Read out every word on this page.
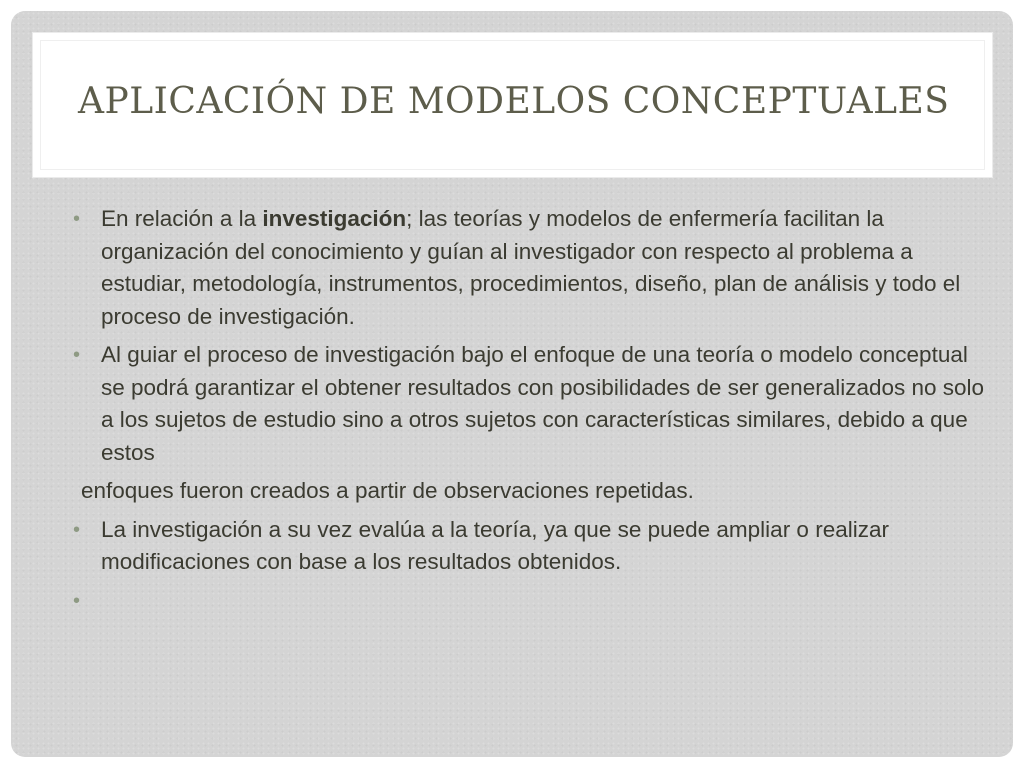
APLICACIÓN DE MODELOS CONCEPTUALES
•
En relación a la investigación; las teorías y modelos de enfermería facilitan la organización del conocimiento y guían al investigador con respecto al problema a estudiar, metodología, instrumentos, procedimientos, diseño, plan de análisis y todo el proceso de investigación.
•
Al guiar el proceso de investigación bajo el enfoque de una teoría o modelo conceptual se podrá garantizar el obtener resultados con posibilidades de ser generalizados no solo a los sujetos de estudio sino a otros sujetos con características similares, debido a que estos
enfoques fueron creados a partir de observaciones repetidas.
•
La investigación a su vez evalúa a la teoría, ya que se puede ampliar o realizar modificaciones con base a los resultados obtenidos.
•
